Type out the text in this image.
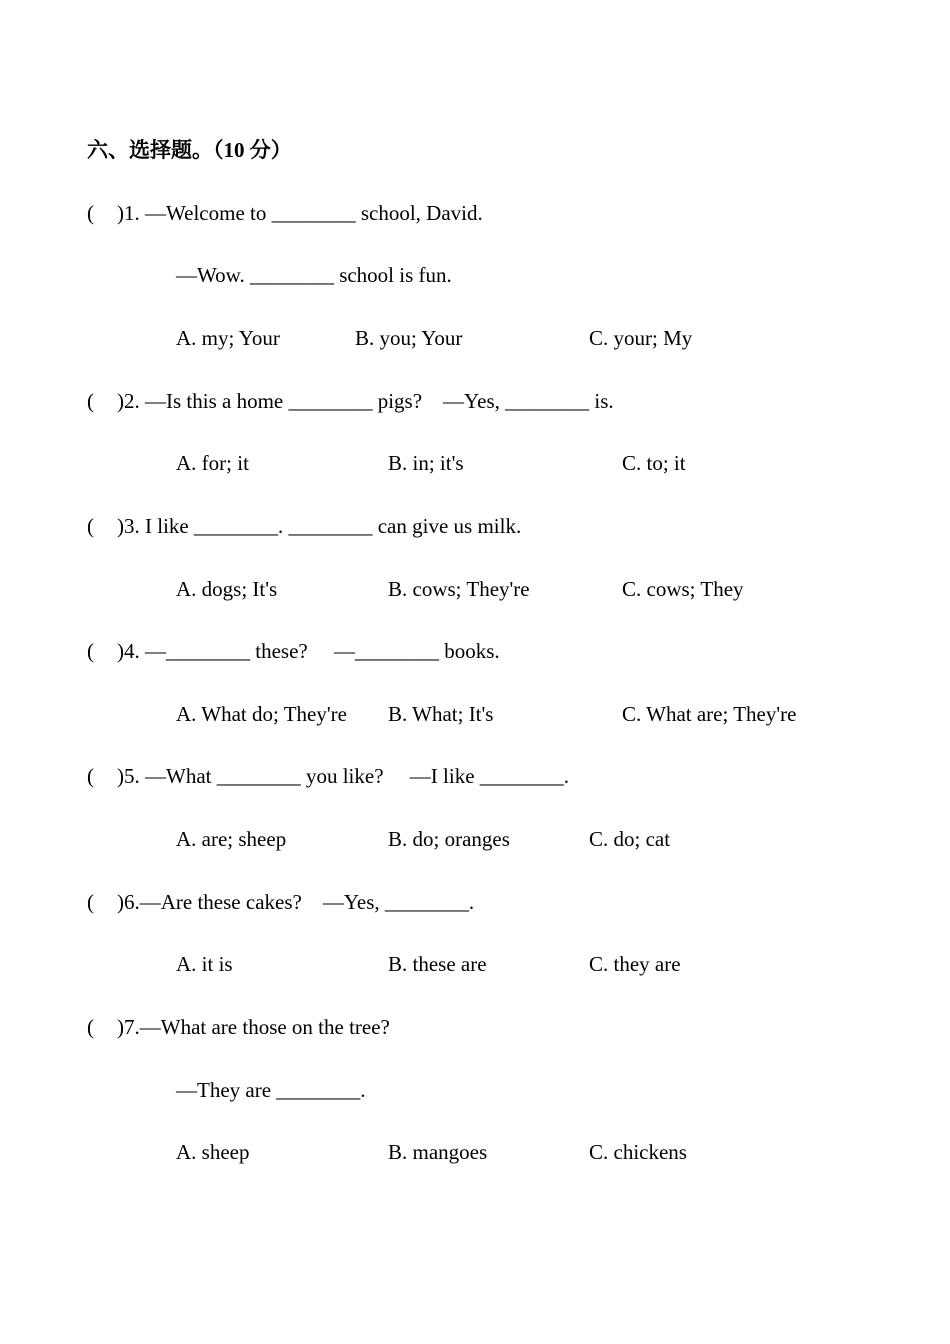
六、选择题。（10 分）
( )1. —Welcome to ________ school, David.
—Wow. ________ school is fun.
A. my; Your	B. you; Your	C. your; My
( )2. —Is this a home ________ pigs?    —Yes, ________ is.
A. for; it	B. in; it's	C. to; it
( )3. I like ________. ________ can give us milk.
A. dogs; It's	B. cows; They're	C. cows; They
( )4. —________ these?     —________ books.
A. What do; They're B. What; It's	C. What are; They're
( )5. —What ________ you like?     —I like ________.
A. are; sheep	B. do; oranges	C. do; cat
( )6.—Are these cakes?    —Yes, ________.
A. it is	B. these are	C. they are
( )7.—What are those on the tree?
—They are ________.
A. sheep	B. mangoes	C. chickens
